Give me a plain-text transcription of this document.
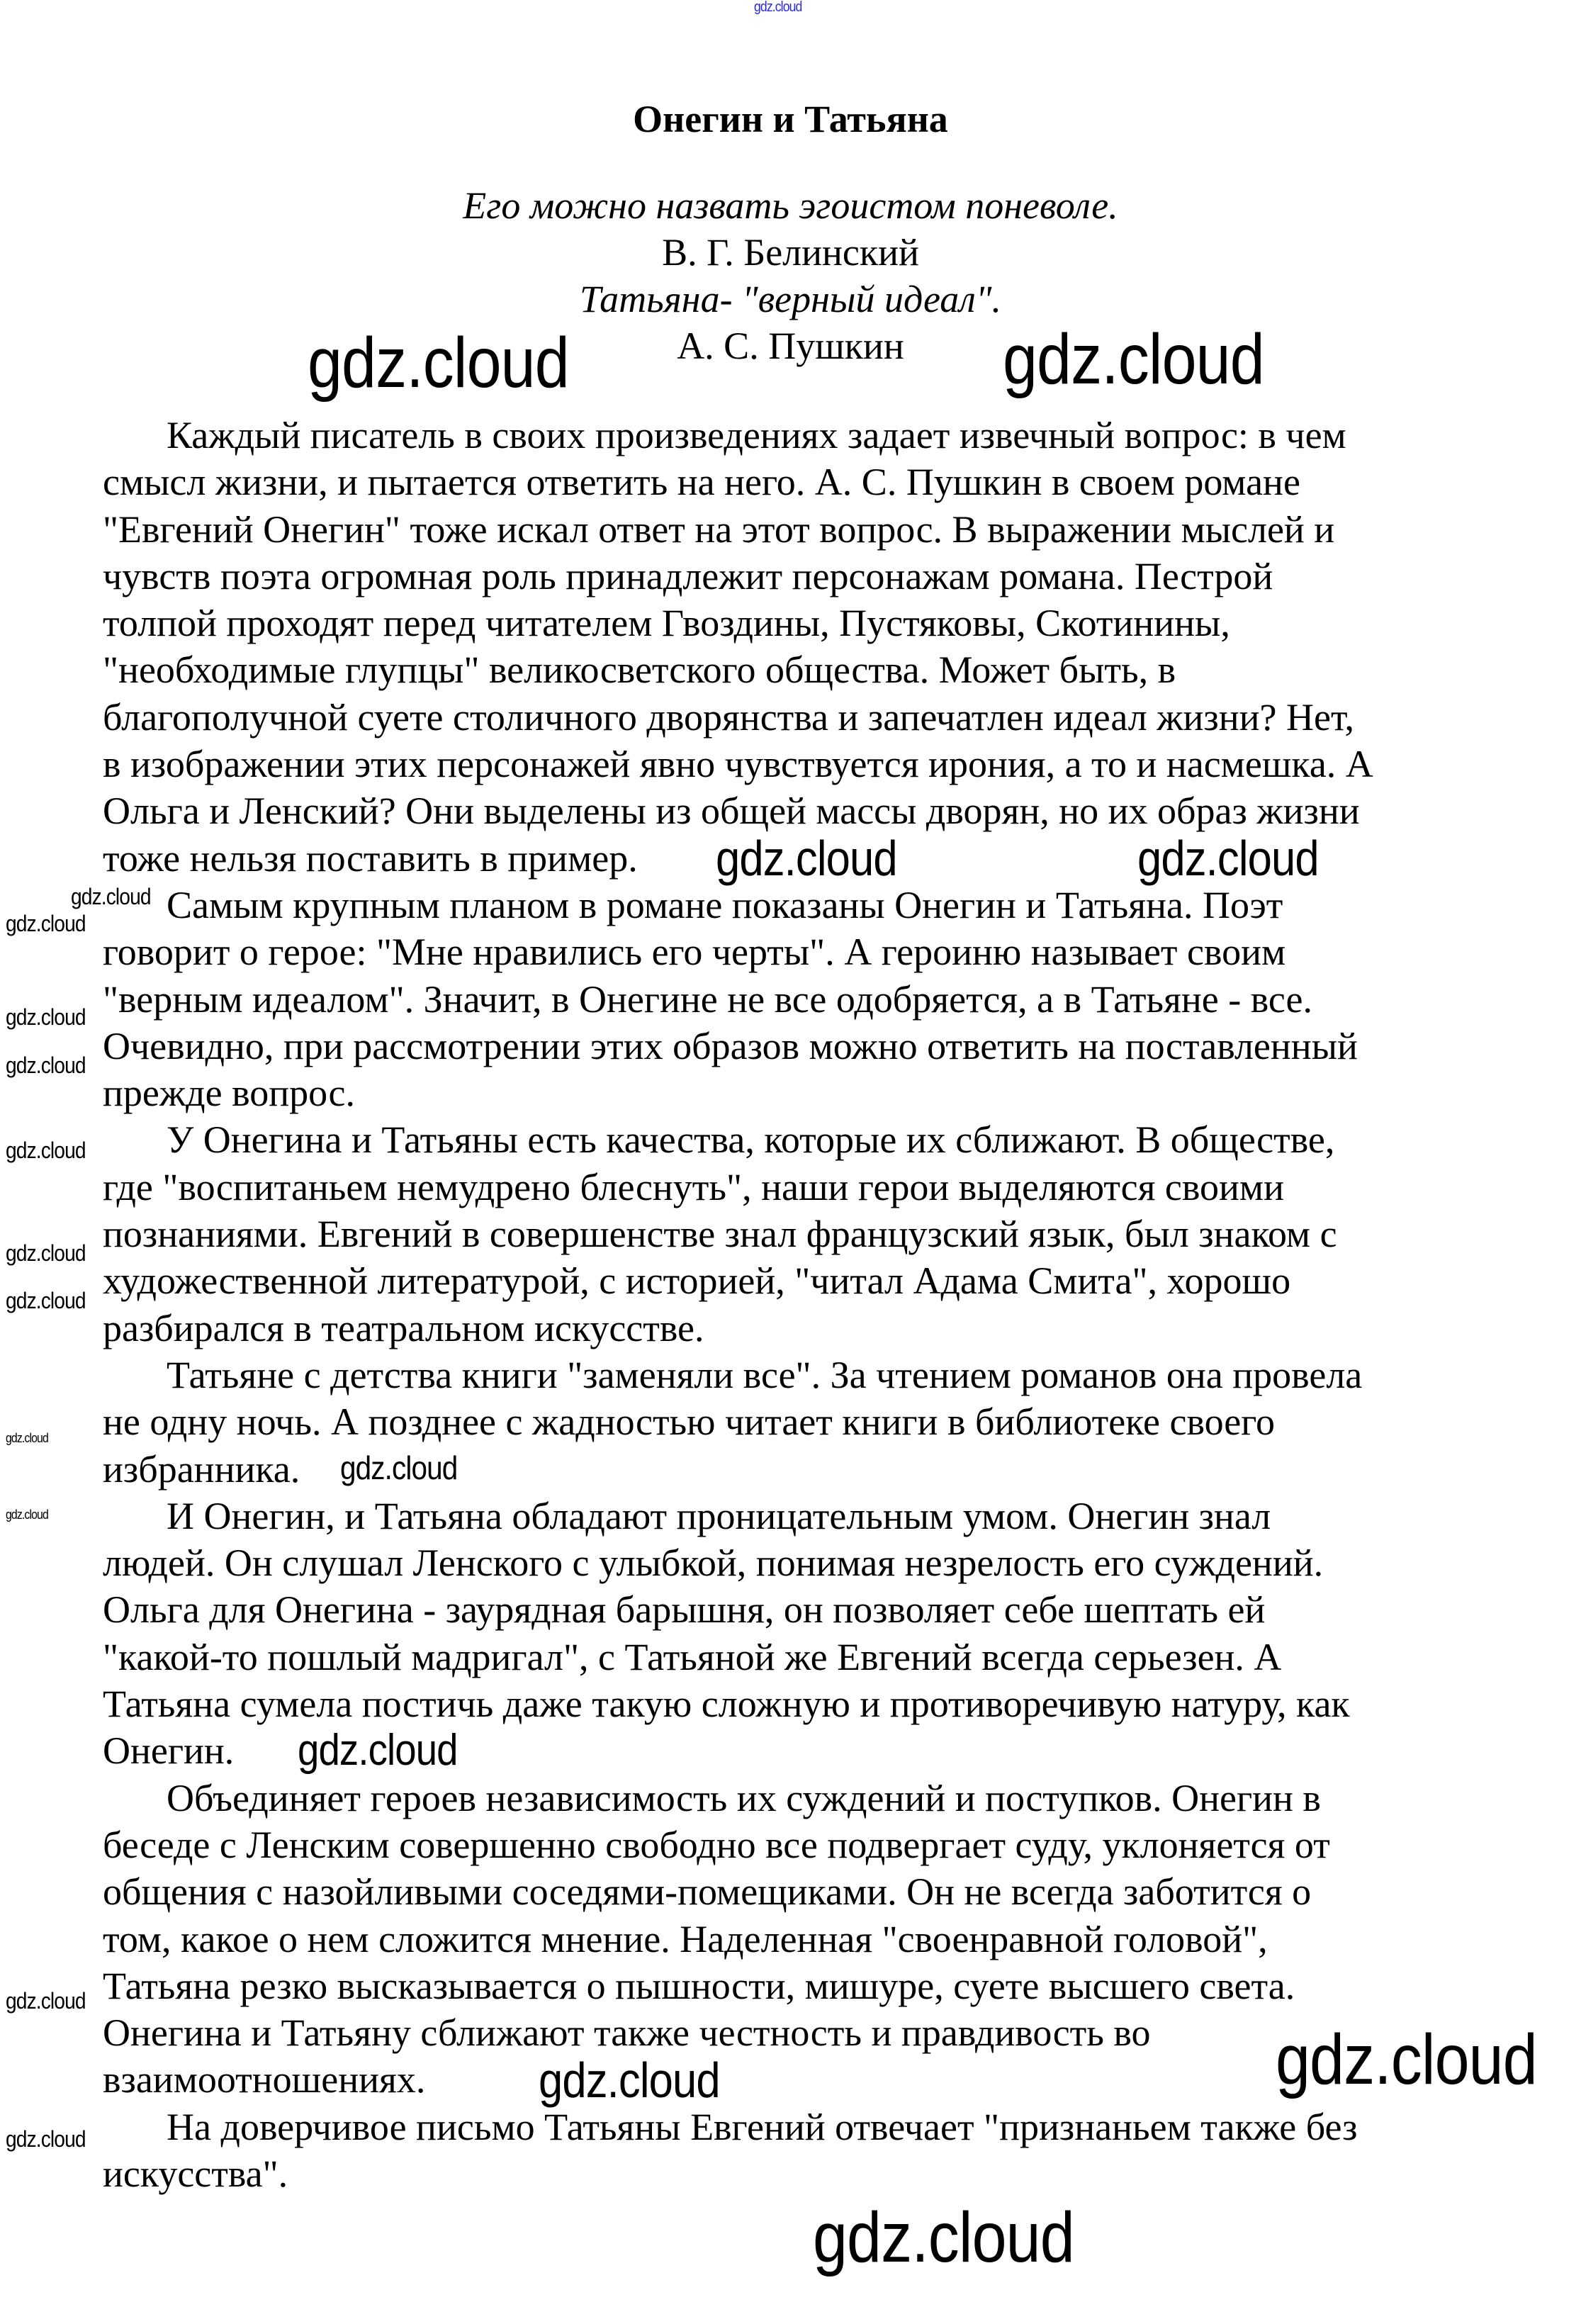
gdz.cloud
Онегин и Татьяна
Его можно назвать эгоистом поневоле.
В. Г. Белинский
Татьяна- "верный идеал".
А. С. Пушкин
Каждый писатель в своих произведениях задает извечный вопрос: в чем
смысл жизни, и пытается ответить на него. А. С. Пушкин в своем романе
"Евгений Онегин" тоже искал ответ на этот вопрос. В выражении мыслей и
чувств поэта огромная роль принадлежит персонажам романа. Пестрой
толпой проходят перед читателем Гвоздины, Пустяковы, Скотинины,
"необходимые глупцы" великосветского общества. Может быть, в
благополучной суете столичного дворянства и запечатлен идеал жизни? Нет,
в изображении этих персонажей явно чувствуется ирония, а то и насмешка. А
Ольга и Ленский? Они выделены из общей массы дворян, но их образ жизни
тоже нельзя поставить в пример.
Самым крупным планом в романе показаны Онегин и Татьяна. Поэт
говорит о герое: "Мне нравились его черты". А героиню называет своим
"верным идеалом". Значит, в Онегине не все одобряется, а в Татьяне - все.
Очевидно, при рассмотрении этих образов можно ответить на поставленный
прежде вопрос.
У Онегина и Татьяны есть качества, которые их сближают. В обществе,
где "воспитаньем немудрено блеснуть", наши герои выделяются своими
познаниями. Евгений в совершенстве знал французский язык, был знаком с
художественной литературой, с историей, "читал Адама Смита", хорошо
разбирался в театральном искусстве.
Татьяне с детства книги "заменяли все". За чтением романов она провела
не одну ночь. А позднее с жадностью читает книги в библиотеке своего
избранника.
И Онегин, и Татьяна обладают проницательным умом. Онегин знал
людей. Он слушал Ленского с улыбкой, понимая незрелость его суждений.
Ольга для Онегина - заурядная барышня, он позволяет себе шептать ей
"какой-то пошлый мадригал", с Татьяной же Евгений всегда серьезен. А
Татьяна сумела постичь даже такую сложную и противоречивую натуру, как
Онегин.
Объединяет героев независимость их суждений и поступков. Онегин в
беседе с Ленским совершенно свободно все подвергает суду, уклоняется от
общения с назойливыми соседями-помещиками. Он не всегда заботится о
том, какое о нем сложится мнение. Наделенная "своенравной головой",
Татьяна резко высказывается о пышности, мишуре, суете высшего света.
Онегина и Татьяну сближают также честность и правдивость во
взаимоотношениях.
На доверчивое письмо Татьяны Евгений отвечает "признаньем также без
искусства".
gdz.cloud	gdz.cloud
gdz.cloud	gdz.cloud
gdz.cloud
gdz.cloud
gdz.cloud
gdz.cloud
gdz.cloud
gdz.cloud
gdz.cloud
gdz.cloud
gdz.cloud
gdz.cloud
gdz.cloud
gdz.cloud
gdz.cloud
gdz.cloud	gdz.cloud
gdz.cloud
